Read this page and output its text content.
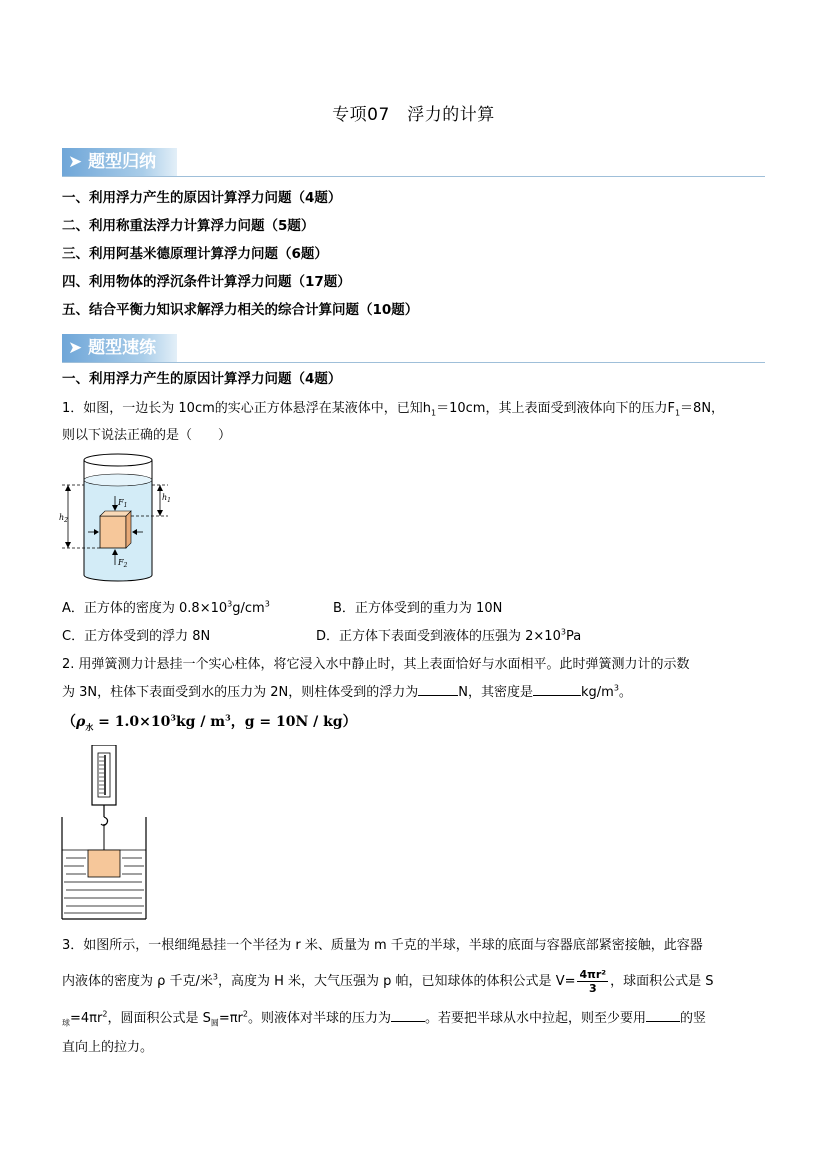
专项07　浮力的计算
➤ 题型归纳
一、利用浮力产生的原因计算浮力问题（4题）
二、利用称重法浮力计算浮力问题（5题）
三、利用阿基米德原理计算浮力问题（6题）
四、利用物体的浮沉条件计算浮力问题（17题）
五、结合平衡力知识求解浮力相关的综合计算问题（10题）
➤ 题型速练
一、利用浮力产生的原因计算浮力问题（4题）
1．如图，一边长为 10cm的实心正方体悬浮在某液体中，已知$h_1=10cm$，其上表面受到液体向下的压力$F_1=8N$，
则以下说法正确的是（　　）
$F_1$
$F_2$
$h_1$
$h_2$
A．正方体的密度为 $0.8\times 10^3g/cm^3$	B．正方体受到的重力为 10N
C．正方体受到的浮力 8N	D．正方体下表面受到液体的压强为 $2\times 10^3Pa$
2. 用弹簧测力计悬挂一个实心柱体，将它浸入水中静止时，其上表面恰好与水面相平。此时弹簧测力计的示数
为 3N，柱体下表面受到水的压力为 2N，则柱体受到的浮力为	N，其密度是	$kg/m^3$。
（$\rho_水 = 1.0\times 10^3kg / m^3$，g = 10N / kg）
3．如图所示，一根细绳悬挂一个半径为 r 米、质量为 m 千克的半球，半球的底面与容器底部紧密接触，此容器
内液体的密度为 ρ 千克/米$^3$，高度为 H 米，大气压强为 p 帕，已知球体的体积公式是 $V= \frac{\text{4πr²}}{3}$ ，球面积公式是 S
$_球=4\pi r^2$，圆面积公式是 $S_圆=\pi r^2$。则液体对半球的压力为	。若要把半球从水中拉起，则至少要用	的竖
直向上的拉力。
